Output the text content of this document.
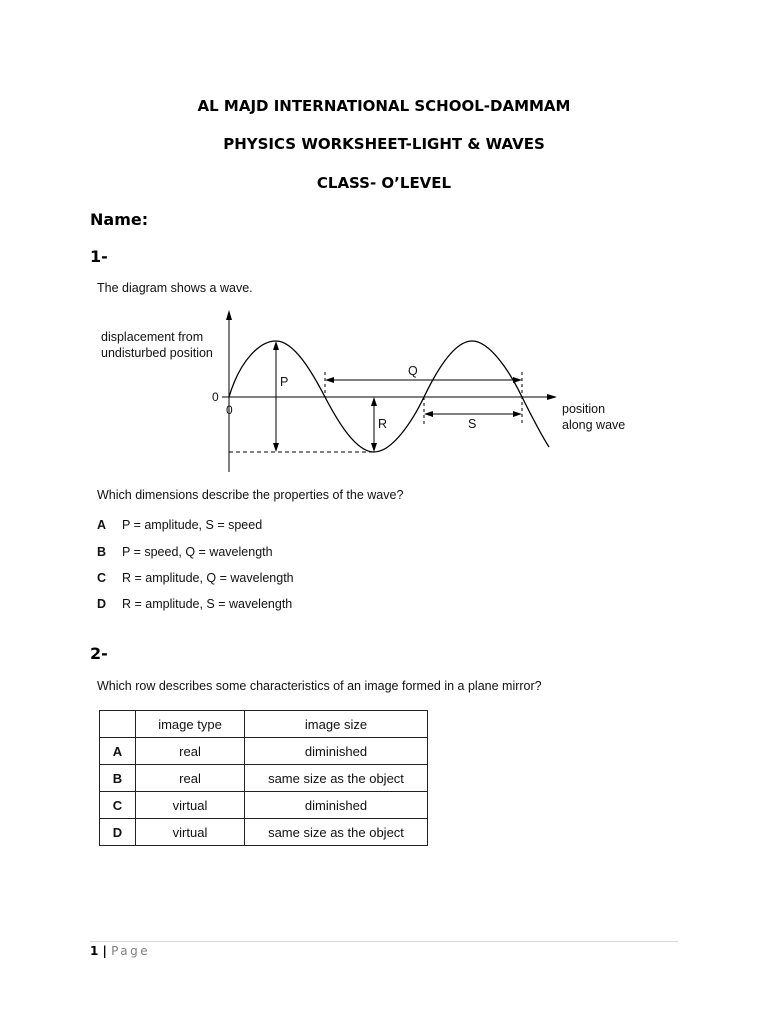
AL MAJD INTERNATIONAL SCHOOL-DAMMAM
PHYSICS WORKSHEET-LIGHT & WAVES
CLASS- O’LEVEL
Name:
1-
The diagram shows a wave.
displacement from
undisturbed position
position
along wave
0
0
P
Q
R	S
Which dimensions describe the properties of the wave?
A P = amplitude, S = speed
B P = speed, Q = wavelength
C R = amplitude, Q = wavelength
D R = amplitude, S = wavelength
2-
Which row describes some characteristics of an image formed in a plane mirror?
	image type	image size
A	real	diminished
B	real	same size as the object
C	virtual	diminished
D	virtual	same size as the object
1 | Page
